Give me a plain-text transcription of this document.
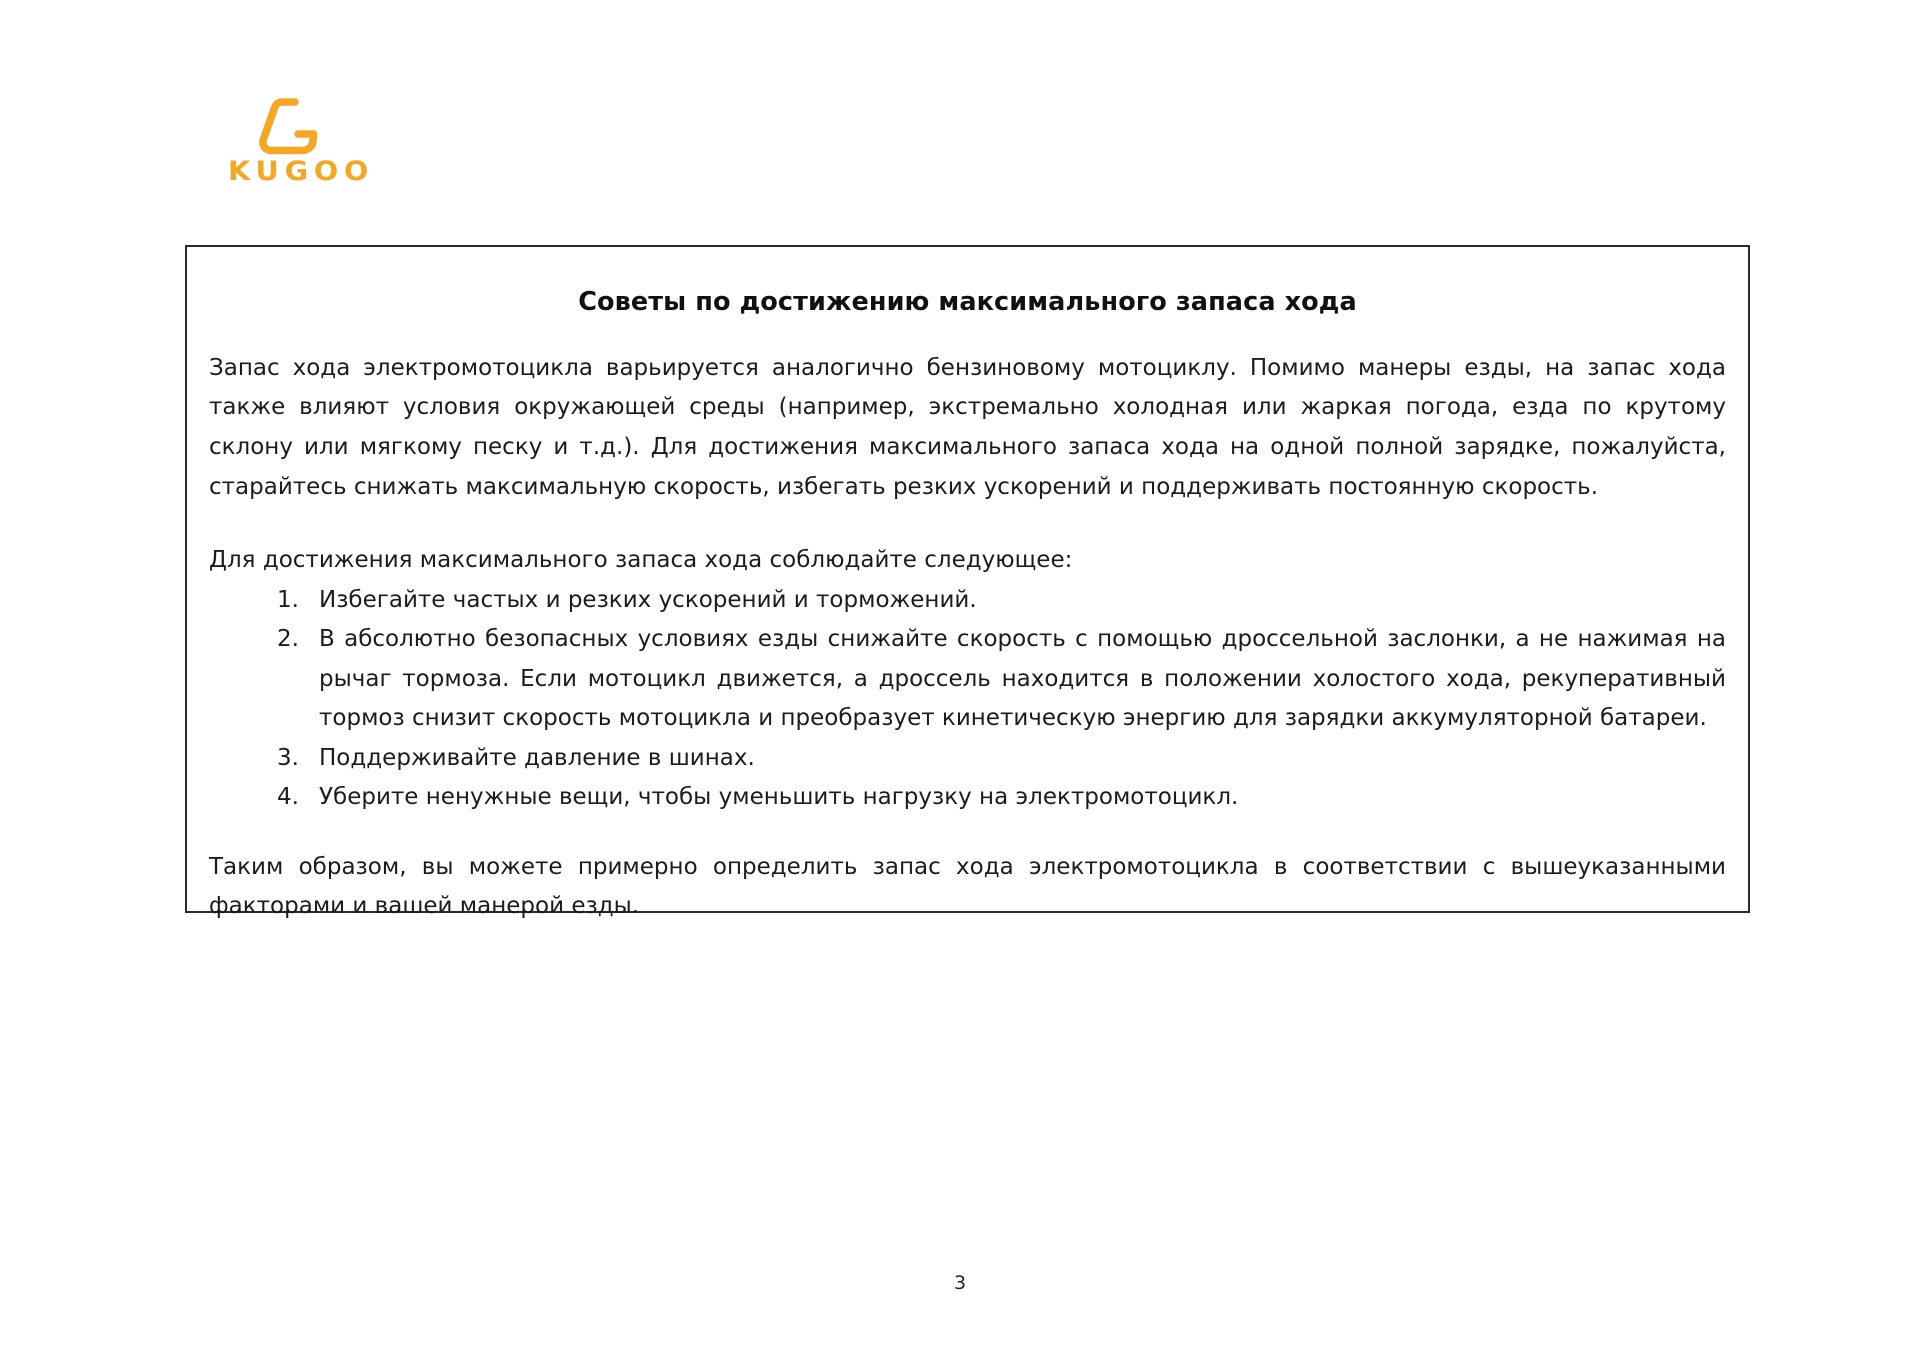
KUGOO
Советы по достижению максимального запаса хода

Запас хода электромотоцикла варьируется аналогично бензиновому мотоциклу. Помимо манеры езды, на запас хода также влияют условия окружающей среды (например, экстремально холодная или жаркая погода, езда по крутому склону или мягкому песку и т.д.). Для достижения максимального запаса хода на одной полной зарядке, пожалуйста, старайтесь снижать максимальную скорость, избегать резких ускорений и поддерживать постоянную скорость.

Для достижения максимального запаса хода соблюдайте следующее:

Избегайте частых и резких ускорений и торможений.
В абсолютно безопасных условиях езды снижайте скорость с помощью дроссельной заслонки, а не нажимая на рычаг тормоза. Если мотоцикл движется, а дроссель находится в положении холостого хода, рекуперативный тормоз снизит скорость мотоцикла и преобразует кинетическую энергию для зарядки аккумуляторной батареи.
Поддерживайте давление в шинах.
Уберите ненужные вещи, чтобы уменьшить нагрузку на электромотоцикл.

Таким образом, вы можете примерно определить запас хода электромотоцикла в соответствии с вышеуказанными факторами и вашей манерой езды.

3
